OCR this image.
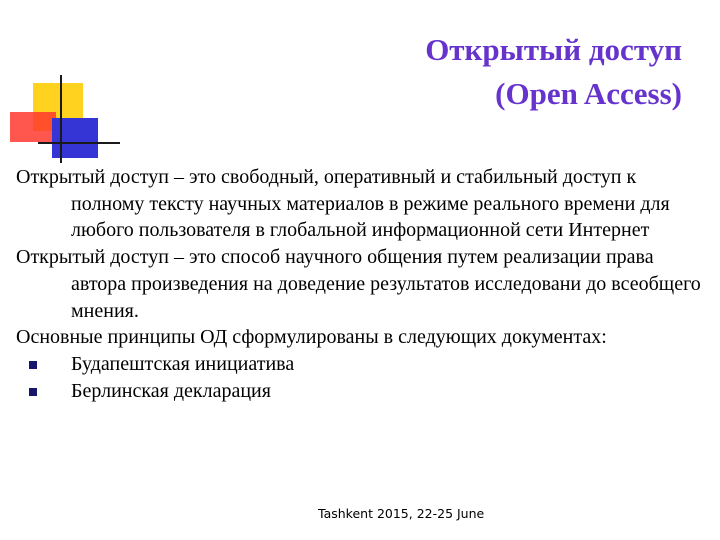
Открытый доступ
(Open Access)

Открытый доступ – это свободный, оперативный и стабильный доступ к полному тексту научных материалов в режиме реального времени для любого пользователя в глобальной информационной сети Интернет

Открытый доступ – это способ научного общения путем реализации права автора произведения на доведение результатов исследовани до всеобщего мнения.

Основные принципы ОД сформулированы в следующих документах:

Будапештская инициатива

Берлинская декларация

Tashkent 2015, 22-25 June
